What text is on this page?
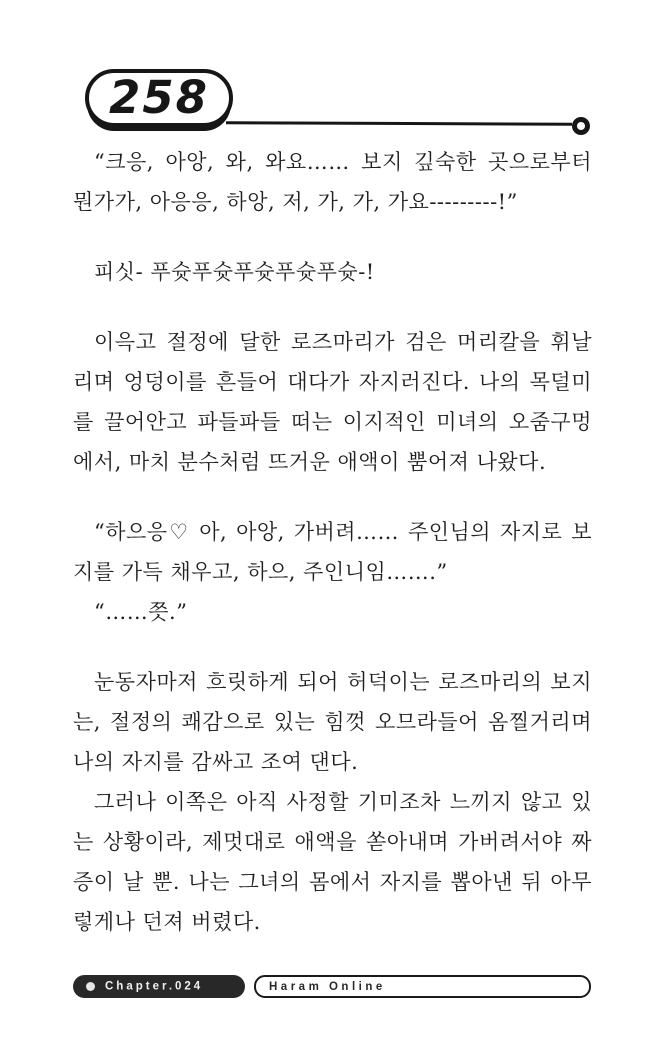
258

“크응, 아앙, 와, 와요…… 보지 깊숙한 곳으로부터 뭔가가, 아응응, 하앙, 저, 가, 가, 가요---------!”

피싯- 푸슛푸슛푸슛푸슛푸슛-!

이윽고 절정에 달한 로즈마리가 검은 머리칼을 휘날리며 엉덩이를 흔들어 대다가 자지러진다. 나의 목덜미를 끌어안고 파들파들 떠는 이지적인 미녀의 오줌구멍에서, 마치 분수처럼 뜨거운 애액이 뿜어져 나왔다.

“하으응♡ 아, 아앙, 가버려…… 주인님의 자지로 보지를 가득 채우고, 하으, 주인니임…….”

“……쯧.”

눈동자마저 흐릿하게 되어 허덕이는 로즈마리의 보지는, 절정의 쾌감으로 있는 힘껏 오므라들어 옴찔거리며 나의 자지를 감싸고 조여 댄다.

그러나 이쪽은 아직 사정할 기미조차 느끼지 않고 있는 상황이라, 제멋대로 애액을 쏟아내며 가버려서야 짜증이 날 뿐. 나는 그녀의 몸에서 자지를 뽑아낸 뒤 아무렇게나 던져 버렸다.

Chapter.024	Haram Online
